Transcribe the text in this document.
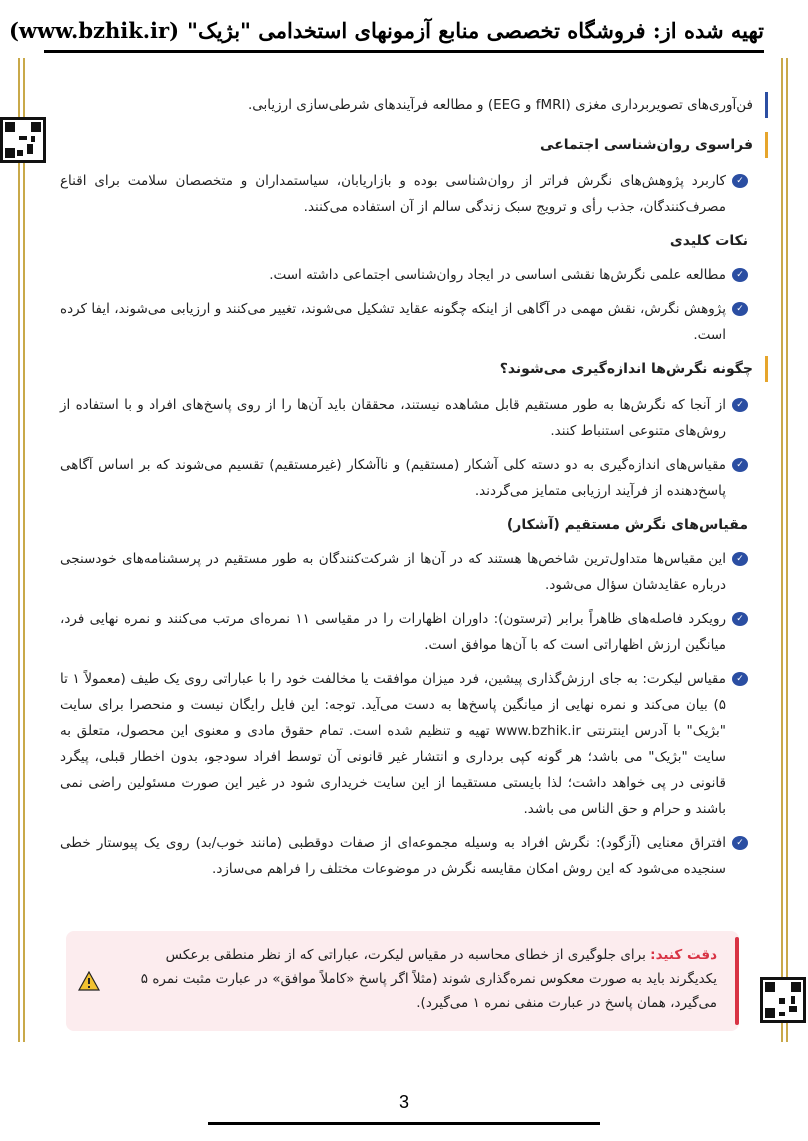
تهیه شده از: فروشگاه تخصصی منابع آزمونهای استخدامی "بژیک"
(www.bzhik.ir)
فن‌آوری‌های تصویربرداری مغزی (fMRI و EEG) و مطالعه فرآیندهای شرطی‌سازی ارزیابی.
فراسوی روان‌شناسی اجتماعی
✓
کاربرد پژوهش‌های نگرش فراتر از روان‌شناسی بوده و بازاریابان، سیاستمداران و متخصصان سلامت برای اقناع مصرف‌کنندگان، جذب رأی و ترویج سبک زندگی سالم از آن استفاده می‌کنند.
نکات کلیدی
✓
مطالعه علمی نگرش‌ها نقشی اساسی در ایجاد روان‌شناسی اجتماعی داشته است.
✓
پژوهش نگرش، نقش مهمی در آگاهی از اینکه چگونه عقاید تشکیل می‌شوند، تغییر می‌کنند و ارزیابی می‌شوند، ایفا کرده است.
چگونه نگرش‌ها اندازه‌گیری می‌شوند؟
✓
از آنجا که نگرش‌ها به طور مستقیم قابل مشاهده نیستند، محققان باید آن‌ها را از روی پاسخ‌های افراد و با استفاده از روش‌های متنوعی استنباط کنند.
✓
مقیاس‌های اندازه‌گیری به دو دسته کلی آشکار (مستقیم) و ناآشکار (غیرمستقیم) تقسیم می‌شوند که بر اساس آگاهی پاسخ‌دهنده از فرآیند ارزیابی متمایز می‌گردند.
مقیاس‌های نگرش مستقیم (آشکار)
✓
این مقیاس‌ها متداول‌ترین شاخص‌ها هستند که در آن‌ها از شرکت‌کنندگان به طور مستقیم در پرسشنامه‌های خودسنجی درباره عقایدشان سؤال می‌شود.
✓
رویکرد فاصله‌های ظاهراً برابر (ترستون): داوران اظهارات را در مقیاسی ۱۱ نمره‌ای مرتب می‌کنند و نمره نهایی فرد، میانگین ارزش اظهاراتی است که با آن‌ها موافق است.
✓
مقیاس لیکرت: به جای ارزش‌گذاری پیشین، فرد میزان موافقت یا مخالفت خود را با عباراتی روی یک طیف (معمولاً ۱ تا ۵) بیان می‌کند و نمره نهایی از میانگین پاسخ‌ها به دست می‌آید. توجه: این فایل رایگان نیست و منحصرا برای سایت "بژیک" با آدرس اینترنتی www.bzhik.ir تهیه و تنظیم شده است. تمام حقوق مادی و معنوی این محصول، متعلق به سایت "بژیک" می باشد؛ هر گونه کپی برداری و انتشار غیر قانونی آن توسط افراد سودجو، بدون اخطار قبلی، پیگرد قانونی در پی خواهد داشت؛ لذا بایستی مستقیما از این سایت خریداری شود در غیر این صورت مسئولین راضی نمی باشند و حرام و حق الناس می باشد.
✓
افتراق معنایی (آزگود): نگرش افراد به وسیله مجموعه‌ای از صفات دوقطبی (مانند خوب/بد) روی یک پیوستار خطی سنجیده می‌شود که این روش امکان مقایسه نگرش در موضوعات مختلف را فراهم می‌سازد.
دقت کنید: برای جلوگیری از خطای محاسبه در مقیاس لیکرت، عباراتی که از نظر منطقی برعکس یکدیگرند باید به صورت معکوس نمره‌گذاری شوند (مثلاً اگر پاسخ «کاملاً موافق» در عبارت مثبت نمره ۵ می‌گیرد، همان پاسخ در عبارت منفی نمره ۱ می‌گیرد).
3
